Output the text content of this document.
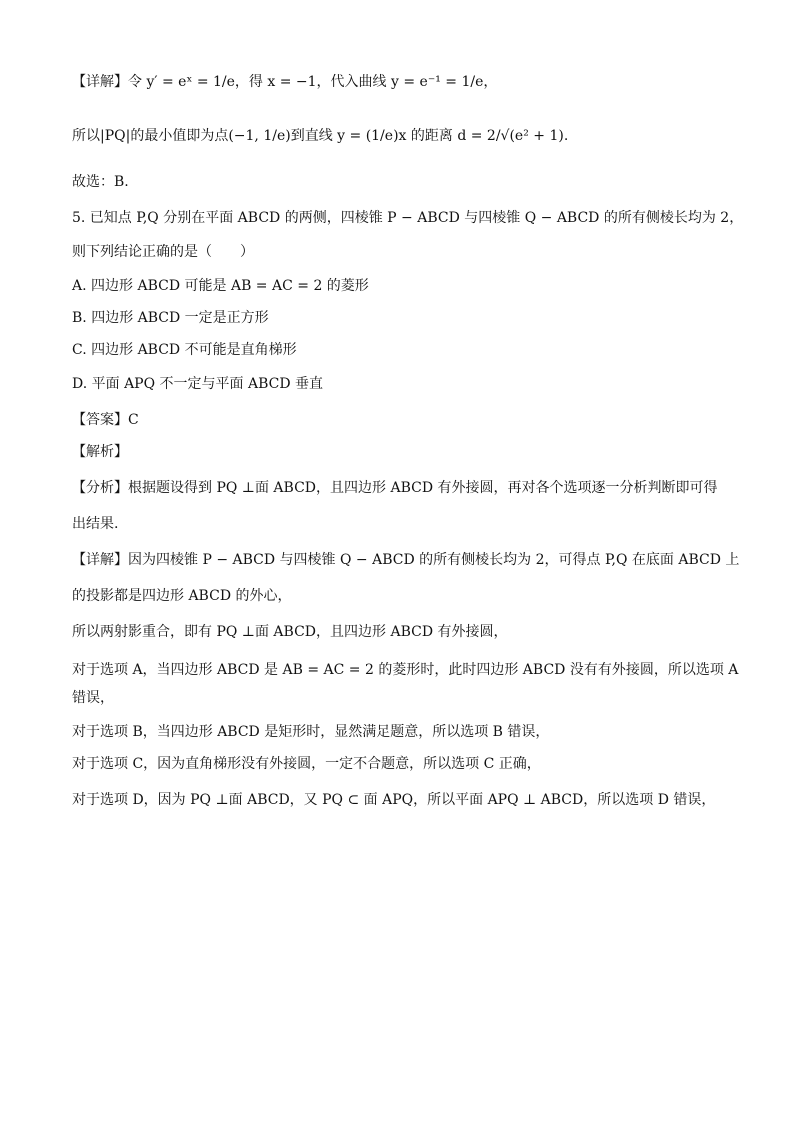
【详解】令 y′ = eˣ = 1/e，得 x = −1，代入曲线 y = e⁻¹ = 1/e，
所以|PQ|的最小值即为点(−1, 1/e)到直线 y = (1/e)x 的距离 d = 2/√(e² + 1).
故选：B.
5. 已知点 P,Q 分别在平面 ABCD 的两侧，四棱锥 P − ABCD 与四棱锥 Q − ABCD 的所有侧棱长均为 2，
则下列结论正确的是（　　）
A. 四边形 ABCD 可能是 AB = AC = 2 的菱形
B. 四边形 ABCD 一定是正方形
C. 四边形 ABCD 不可能是直角梯形
D. 平面 APQ 不一定与平面 ABCD 垂直
【答案】C
【解析】
【分析】根据题设得到 PQ ⊥面 ABCD，且四边形 ABCD 有外接圆，再对各个选项逐一分析判断即可得
出结果.
【详解】因为四棱锥 P − ABCD 与四棱锥 Q − ABCD 的所有侧棱长均为 2，可得点 P,Q 在底面 ABCD 上
的投影都是四边形 ABCD 的外心，
所以两射影重合，即有 PQ ⊥面 ABCD，且四边形 ABCD 有外接圆，
对于选项 A，当四边形 ABCD 是 AB = AC = 2 的菱形时，此时四边形 ABCD 没有有外接圆，所以选项 A
错误，
对于选项 B，当四边形 ABCD 是矩形时，显然满足题意，所以选项 B 错误，
对于选项 C，因为直角梯形没有外接圆，一定不合题意，所以选项 C 正确，
对于选项 D，因为 PQ ⊥面 ABCD，又 PQ ⊂ 面 APQ，所以平面 APQ ⊥ ABCD，所以选项 D 错误，
